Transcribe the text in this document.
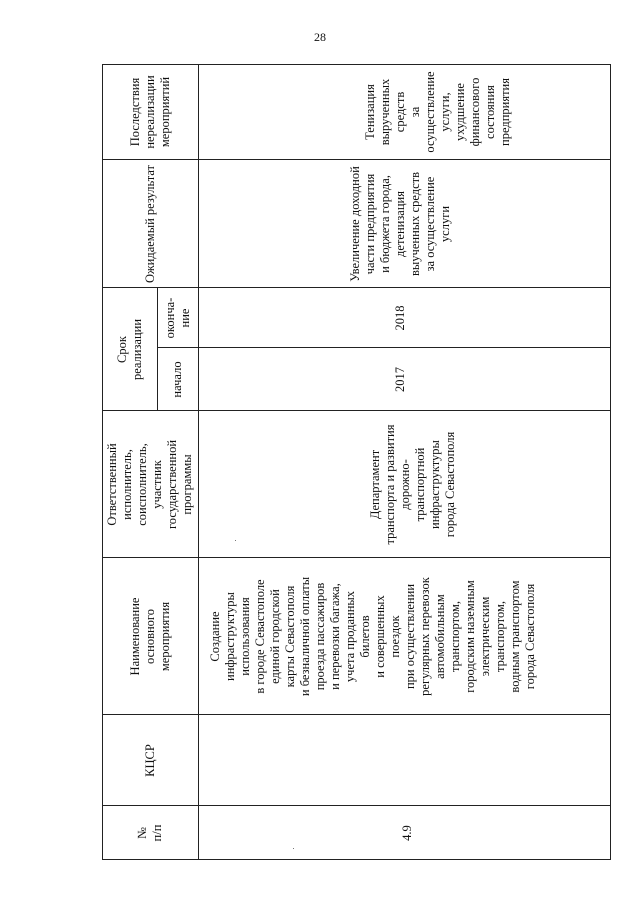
28
№
п/п
КЦСР
Наименование
основного
мероприятия
Ответственный
исполнитель,
соисполнитель,
участник
государственной
программы
Срок
реализации начало
оконча-
ние
Ожидаемый результат
Последствия
нереализации
мероприятий
4.9
Создание
инфраструктуры
использования
в городе Севастополе
единой городской
карты Севастополя
и безналичной оплаты
проезда пассажиров
и перевозки багажа,
учета проданных
билетов
и совершенных
поездок
при осуществлении
регулярных перевозок
автомобильным
транспортом,
городским наземным
электрическим
транспортом,
водным транспортом
города Севастополя
Департамент
транспорта и развития
дорожно-
транспортной
инфраструктуры
города Севастополя
2017
2018
Увеличение доходной
части предприятия
и бюджета города,
детенизация
выученных средств
за осуществление
услуги
Тенизация
вырученных средств
за осуществление
услуги, ухудшение
финансового
состояния
предприятия
